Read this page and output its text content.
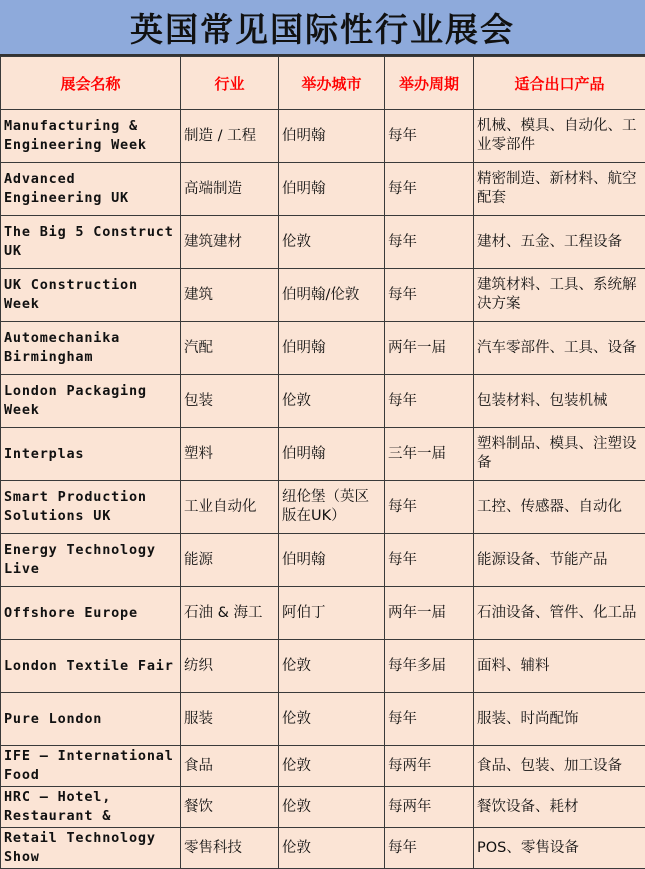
英国常见国际性行业展会
展会名称	行业	举办城市	举办周期	适合出口产品
Manufacturing & Engineering Week	制造 / 工程	伯明翰	每年	机械、模具、自动化、工业零部件
Advanced Engineering UK	高端制造	伯明翰	每年	精密制造、新材料、航空配套
The Big 5 Construct UK	建筑建材	伦敦	每年	建材、五金、工程设备
UK Construction Week	建筑	伯明翰/伦敦	每年	建筑材料、工具、系统解决方案
Automechanika Birmingham	汽配	伯明翰	两年一届	汽车零部件、工具、设备
London Packaging Week	包装	伦敦	每年	包装材料、包装机械
Interplas	塑料	伯明翰	三年一届	塑料制品、模具、注塑设备
Smart Production Solutions UK	工业自动化	纽伦堡（英区版在UK）	每年	工控、传感器、自动化
Energy Technology Live	能源	伯明翰	每年	能源设备、节能产品
Offshore Europe	石油 & 海工	阿伯丁	两年一届	石油设备、管件、化工品
London Textile Fair	纺织	伦敦	每年多届	面料、辅料
Pure London	服装	伦敦	每年	服装、时尚配饰
IFE – International Food	食品	伦敦	每两年	食品、包装、加工设备
HRC – Hotel, Restaurant &	餐饮	伦敦	每两年	餐饮设备、耗材
Retail Technology Show	零售科技	伦敦	每年	POS、零售设备
